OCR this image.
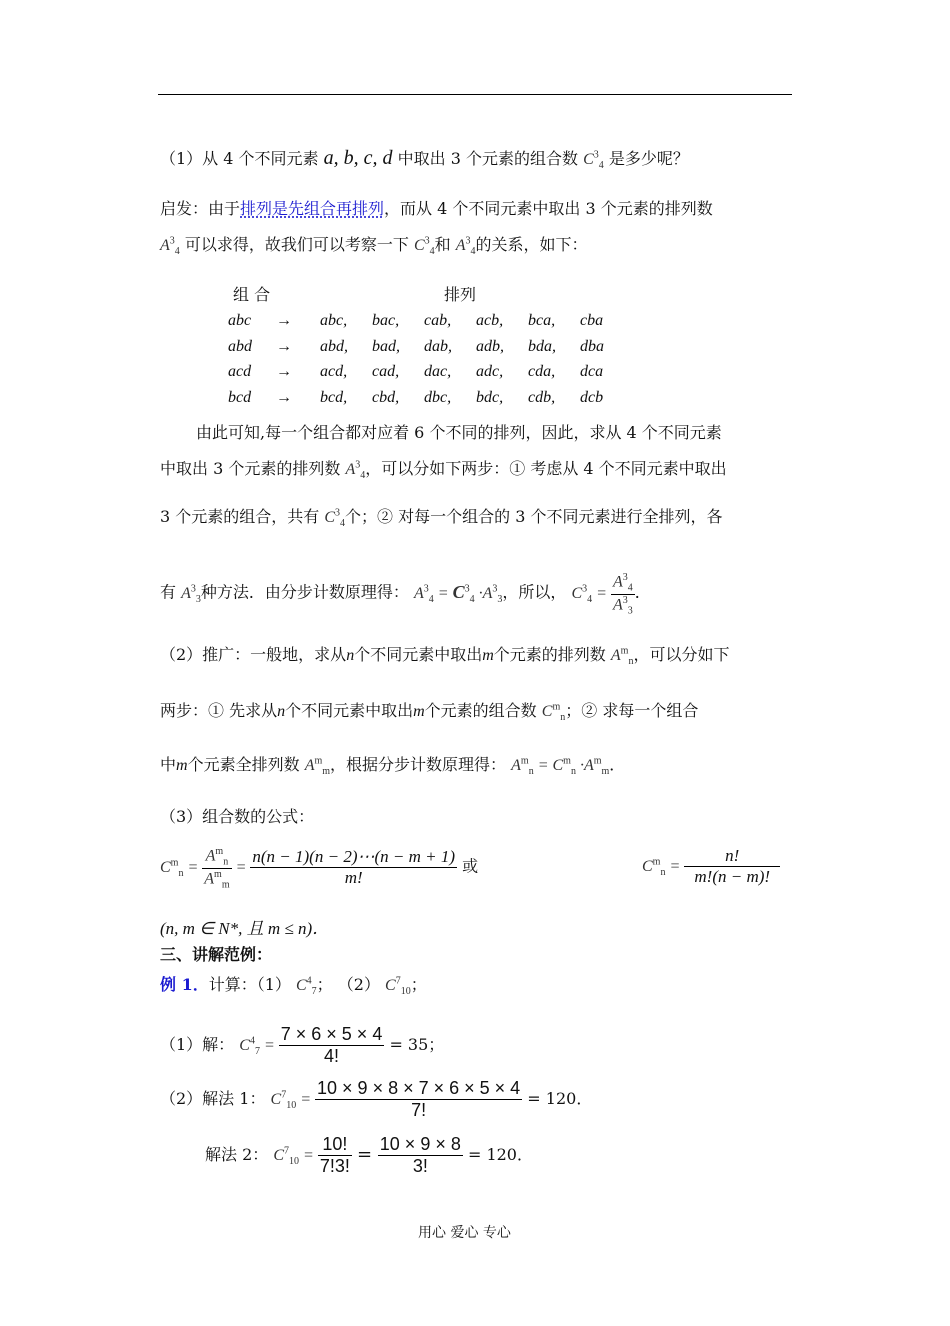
（1）从 4 个不同元素 a, b, c, d 中取出 3 个元素的组合数 $C^3_4$ 是多少呢？
启发：由于排列是先组合再排列，而从 4 个不同元素中取出 3 个元素的排列数
$A^3_4$ 可以求得，故我们可以考察一下 $C^3_4$和 $A^3_4$的关系，如下：
组 合	排列
abc → abc, bac, cab, acb, bca, cba
abd → abd, bad, dab, adb, bda, dba
acd → acd, cad, dac, adc, cda, dca
bcd → bcd, cbd, dbc, bdc, cdb, dcb
由此可知,每一个组合都对应着 6 个不同的排列，因此，求从 4 个不同元素
中取出 3 个元素的排列数 $A^3_4$，可以分如下两步：① 考虑从 4 个不同元素中取出
3 个元素的组合，共有 $C^3_4$个；② 对每一个组合的 3 个不同元素进行全排列，各
有 $A^3_3$种方法．由分步计数原理得： $A^3_4 = C^3_4 \cdot A^3_3$，所以， $C^3_4 = \frac{A^3_4}{A^3_3}$ ．
（2）推广：一般地，求从n个不同元素中取出m个元素的排列数 $A^m_n$，可以分如下
两步：① 先求从n个不同元素中取出m个元素的组合数 $C^m_n$；② 求每一个组合
中m个元素全排列数 $A^m_m$，根据分步计数原理得： $A^m_n = C^m_n \cdot A^m_m$．
（3）组合数的公式：
$C^m_n = \frac{A^m_n}{A^m_m} = \frac{n(n - 1)(n - 2)\cdots(n - m + 1)}{m!}$ 或	$C^m_n = \frac{n!}{m!(n - m)!}$
(n, m ∈ N*, 且 m ≤ n)．
三、讲解范例：
例 1．计算：（1） $C^4_7$； （2） $C^7_{10}$；
（1）解： $C^4_7 = \frac{7 \times 6 \times 5 \times 4}{4!} = 35$；
（2）解法 1： $C^7_{10} = \frac{10 \times 9 \times 8 \times 7 \times 6 \times 5 \times 4}{7!} = 120$．
解法 2： $C^7_{10} = \frac{10!}{7!3!} = \frac{10 \times 9 \times 8}{3!} = 120$．
用心 爱心 专心
